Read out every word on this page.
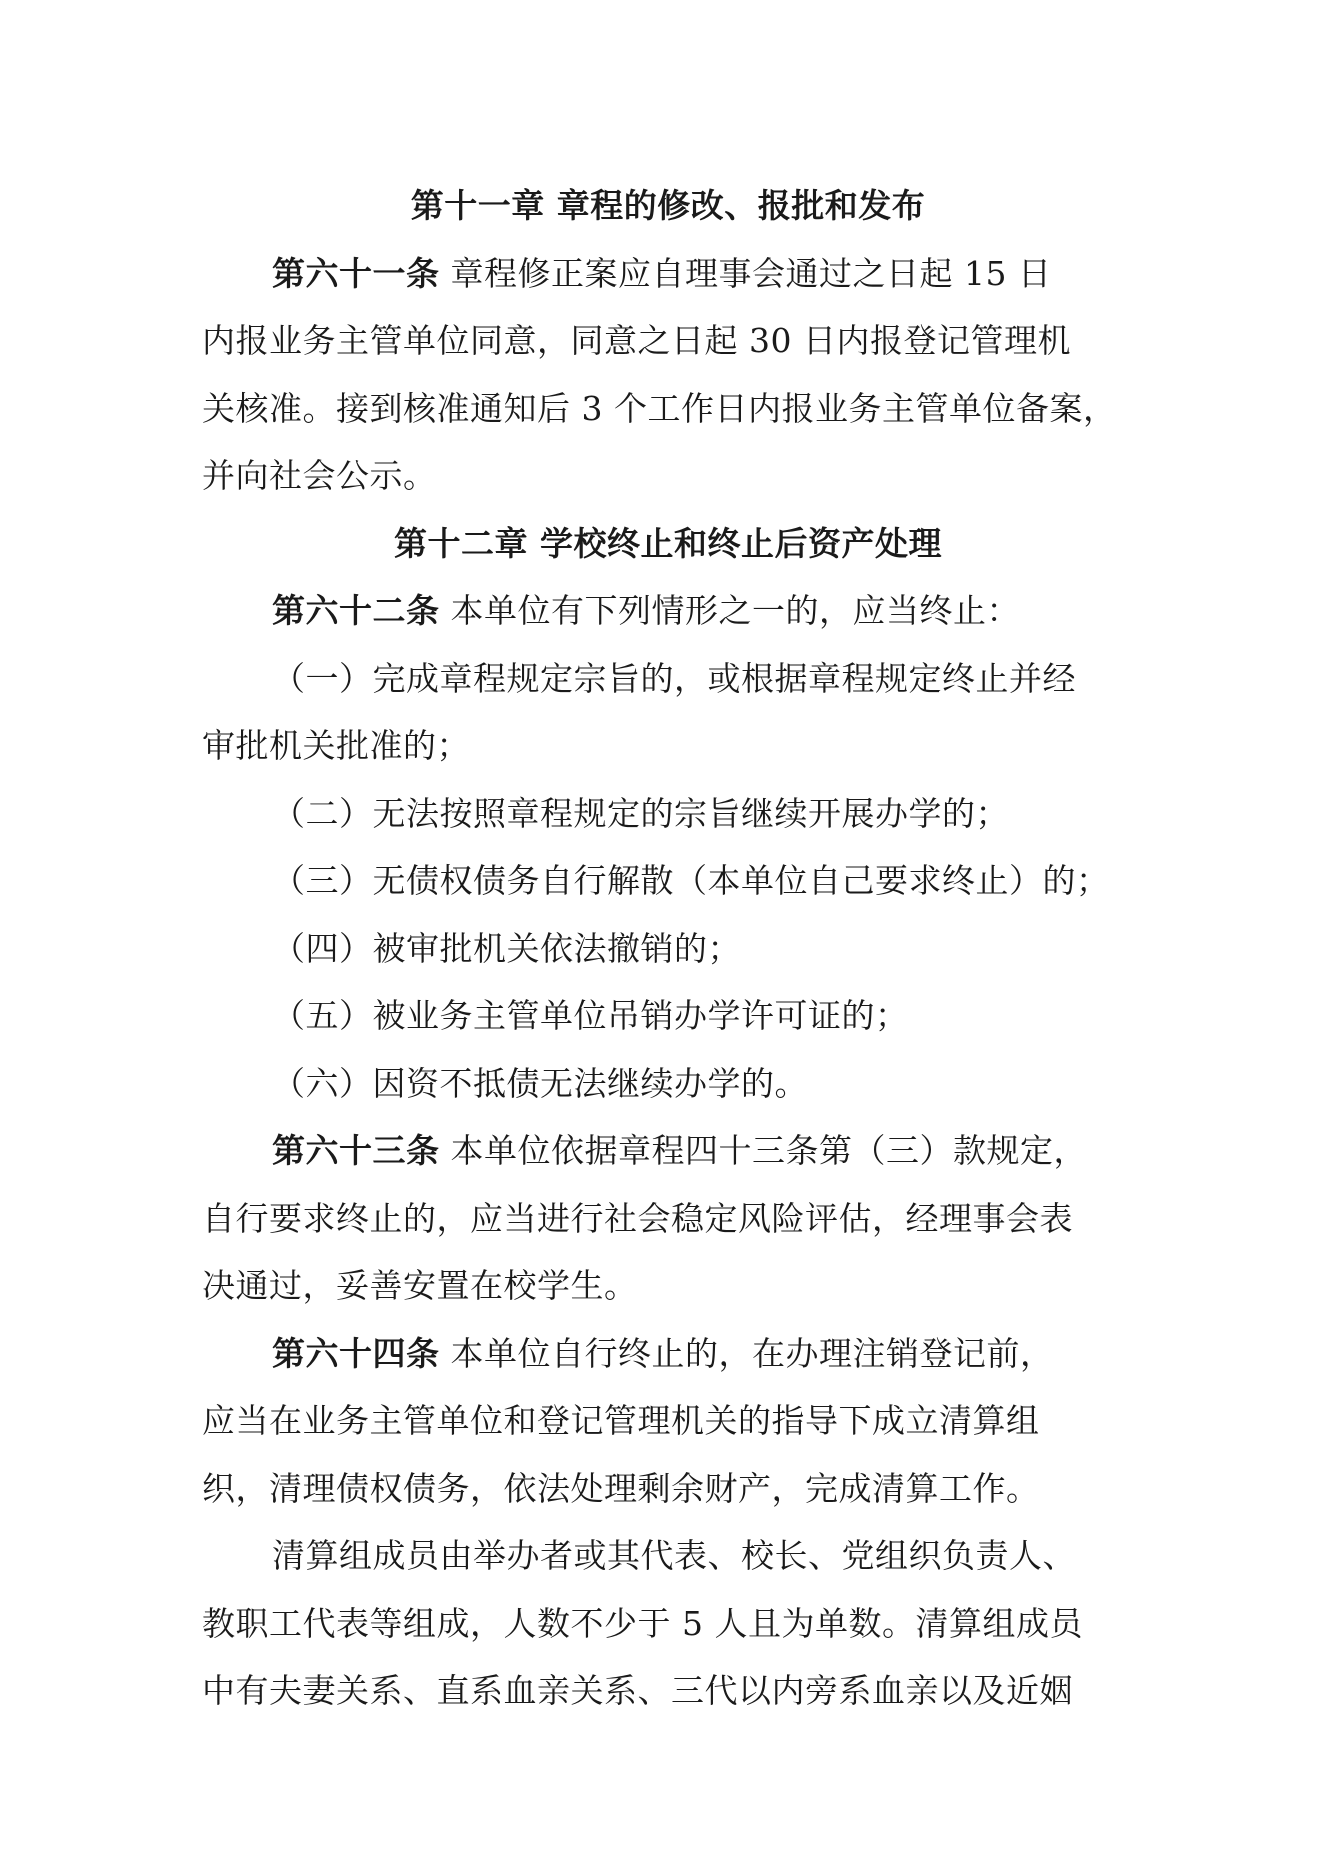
第十一章 章程的修改、报批和发布
第六十一条 章程修正案应自理事会通过之日起 15 日
内报业务主管单位同意，同意之日起 30 日内报登记管理机
关核准。接到核准通知后 3 个工作日内报业务主管单位备案，
并向社会公示。
第十二章 学校终止和终止后资产处理
第六十二条 本单位有下列情形之一的，应当终止：
（一）完成章程规定宗旨的，或根据章程规定终止并经
审批机关批准的；
（二）无法按照章程规定的宗旨继续开展办学的；
（三）无债权债务自行解散（本单位自己要求终止）的；
（四）被审批机关依法撤销的；
（五）被业务主管单位吊销办学许可证的；
（六）因资不抵债无法继续办学的。
第六十三条 本单位依据章程四十三条第（三）款规定，
自行要求终止的，应当进行社会稳定风险评估，经理事会表
决通过，妥善安置在校学生。
第六十四条 本单位自行终止的，在办理注销登记前，
应当在业务主管单位和登记管理机关的指导下成立清算组
织，清理债权债务，依法处理剩余财产，完成清算工作。
清算组成员由举办者或其代表、校长、党组织负责人、
教职工代表等组成，人数不少于 5 人且为单数。清算组成员
中有夫妻关系、直系血亲关系、三代以内旁系血亲以及近姻
